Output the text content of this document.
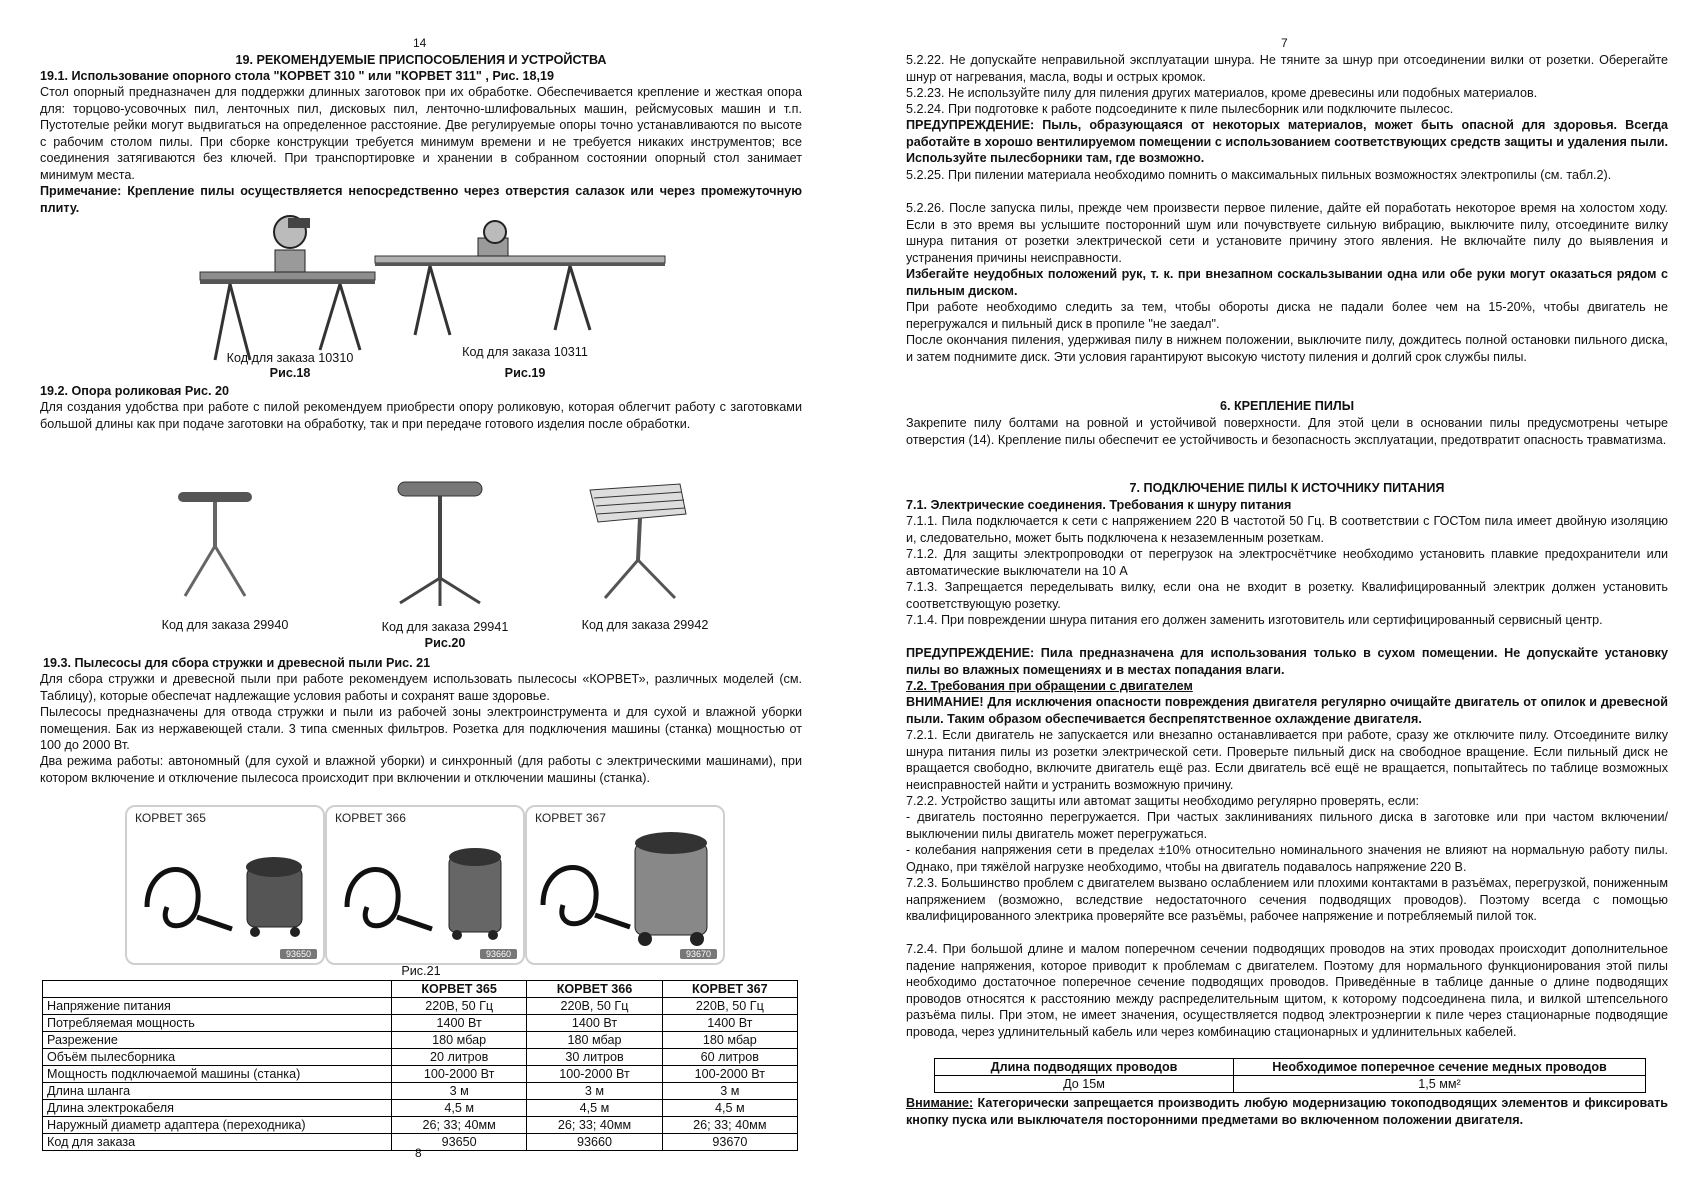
14
19. РЕКОМЕНДУЕМЫЕ ПРИСПОСОБЛЕНИЯ И УСТРОЙСТВА
19.1. Использование опорного стола "КОРВЕТ 310 " или "КОРВЕТ 311" , Рис. 18,19
Стол опорный предназначен для поддержки длинных заготовок при их обработке. Обеспечивается крепление и жесткая опора для: торцово-усовочных пил, ленточных пил, дисковых пил, ленточно-шлифовальных машин, рейсмусовых машин и т.п. Пустотелые рейки могут выдвигаться на определенное расстояние. Две регулируемые опоры точно устанавливаются по высоте с рабочим столом пилы. При сборке конструкции требуется минимум времени и не требуется никаких инструментов; все соединения затягиваются без ключей. При транспортировке и хранении в собранном состоянии опорный стол занимает минимум места.
Примечание: Крепление пилы осуществляется непосредственно через отверстия салазок или через промежуточную плиту.
Код для заказа 10310
Рис.18
Код для заказа 10311
Рис.19
19.2. Опора роликовая Рис. 20
Для создания удобства при работе с пилой рекомендуем приобрести опору роликовую, которая облегчит работу с заготовками большой длины как при подаче заготовки на обработку, так и при передаче готового изделия после обработки.
Код для заказа 29940	Код для заказа 29941	Код для заказа 29942
Рис.20
19.3. Пылесосы для сбора стружки и древесной пыли Рис. 21
Для сбора стружки и древесной пыли при работе рекомендуем использовать пылесосы «КОРВЕТ», различных моделей (см. Таблицу), которые обеспечат надлежащие условия работы и сохранят ваше здоровье.
Пылесосы предназначены для отвода стружки и пыли из рабочей зоны электроинструмента и для сухой и влажной уборки помещения. Бак из нержавеющей стали. 3 типа сменных фильтров. Розетка для подключения машины (станка) мощностью от 100 до 2000 Вт.
Два режима работы: автономный (для сухой и влажной уборки) и синхронный (для работы с электрическими машинами), при котором включение и отключение пылесоса происходит при включении и отключении машины (станка).
КОРВЕТ 365
93650
КОРВЕТ 366
93660
КОРВЕТ 367
93670
Рис.21
	КОРВЕТ 365	КОРВЕТ 366	КОРВЕТ 367
Напряжение питания	220В, 50 Гц	220В, 50 Гц	220В, 50 Гц
Потребляемая мощность	1400 Вт	1400 Вт	1400 Вт
Разрежение	180 мбар	180 мбар	180 мбар
Объём пылесборника	20 литров	30 литров	60 литров
Мощность подключаемой машины (станка)	100-2000 Вт	100-2000 Вт	100-2000 Вт
Длина шланга	3 м	3 м	3 м
Длина электрокабеля	4,5 м	4,5 м	4,5 м
Наружный диаметр адаптера (переходника)	26; 33; 40мм	26; 33; 40мм	26; 33; 40мм
Код для заказа	93650	93660	93670
8
7
5.2.22. Не допускайте неправильной эксплуатации шнура. Не тяните за шнур при отсоединении вилки от розетки. Оберегайте шнур от нагревания, масла, воды и острых кромок.
5.2.23. Не используйте пилу для пиления других материалов, кроме древесины или подобных материалов.
5.2.24. При подготовке к работе подсоедините к пиле пылесборник или подключите пылесос.
ПРЕДУПРЕЖДЕНИЕ: Пыль, образующаяся от некоторых материалов, может быть опасной для здоровья. Всегда работайте в хорошо вентилируемом помещении с использованием соответствующих средств защиты и удаления пыли. Используйте пылесборники там, где возможно.
5.2.25. При пилении материала необходимо помнить о максимальных пильных возможностях электропилы (см. табл.2).
5.2.26. После запуска пилы, прежде чем произвести первое пиление, дайте ей поработать некоторое время на холостом ходу. Если в это время вы услышите посторонний шум или почувствуете сильную вибрацию, выключите пилу, отсоедините вилку шнура питания от розетки электрической сети и установите причину этого явления. Не включайте пилу до выявления и устранения причины неисправности.
Избегайте неудобных положений рук, т. к. при внезапном соскальзывании одна или обе руки могут оказаться рядом с пильным диском.
При работе необходимо следить за тем, чтобы обороты диска не падали более чем на 15-20%, чтобы двигатель не перегружался и пильный диск в пропиле "не заедал".
После окончания пиления, удерживая пилу в нижнем положении, выключите пилу, дождитесь полной остановки пильного диска, и затем поднимите диск. Эти условия гарантируют высокую чистоту пиления и долгий срок службы пилы.
6. КРЕПЛЕНИЕ ПИЛЫ
Закрепите пилу болтами на ровной и устойчивой поверхности. Для этой цели в основании пилы предусмотрены четыре отверстия (14). Крепление пилы обеспечит ее устойчивость и безопасность эксплуатации, предотвратит опасность травматизма.
7. ПОДКЛЮЧЕНИЕ ПИЛЫ К ИСТОЧНИКУ ПИТАНИЯ
7.1. Электрические соединения. Требования к шнуру питания
7.1.1. Пила подключается к сети с напряжением 220 В частотой 50 Гц. В соответствии с ГОСТом пила имеет двойную изоляцию и, следовательно, может быть подключена к незаземленным розеткам.
7.1.2. Для защиты электропроводки от перегрузок на электросчётчике необходимо установить плавкие предохранители или автоматические выключатели на 10 А
7.1.3. Запрещается переделывать вилку, если она не входит в розетку. Квалифицированный электрик должен установить соответствующую розетку.
7.1.4. При повреждении шнура питания его должен заменить изготовитель или сертифицированный сервисный центр.
ПРЕДУПРЕЖДЕНИЕ: Пила предназначена для использования только в сухом помещении. Не допускайте установку пилы во влажных помещениях и в местах попадания влаги.
7.2. Требования при обращении с двигателем
ВНИМАНИЕ! Для исключения опасности повреждения двигателя регулярно очищайте двигатель от опилок и древесной пыли. Таким образом обеспечивается беспрепятственное охлаждение двигателя.
7.2.1. Если двигатель не запускается или внезапно останавливается при работе, сразу же отключите пилу. Отсоедините вилку шнура питания пилы из розетки электрической сети. Проверьте пильный диск на свободное вращение. Если пильный диск не вращается свободно, включите двигатель ещё раз. Если двигатель всё ещё не вращается, попытайтесь по таблице возможных неисправностей найти и устранить возможную причину.
7.2.2. Устройство защиты или автомат защиты необходимо регулярно проверять, если:
- двигатель постоянно перегружается. При частых заклиниваниях пильного диска в заготовке или при частом включении/выключении пилы двигатель может перегружаться.
- колебания напряжения сети в пределах ±10% относительно номинального значения не влияют на нормальную работу пилы. Однако, при тяжёлой нагрузке необходимо, чтобы на двигатель подавалось напряжение 220 В.
7.2.3. Большинство проблем с двигателем вызвано ослаблением или плохими контактами в разъёмах, перегрузкой, пониженным напряжением (возможно, вследствие недостаточного сечения подводящих проводов). Поэтому всегда с помощью квалифицированного электрика проверяйте все разъёмы, рабочее напряжение и потребляемый пилой ток.
7.2.4. При большой длине и малом поперечном сечении подводящих проводов на этих проводах происходит дополнительное падение напряжения, которое приводит к проблемам с двигателем. Поэтому для нормального функционирования этой пилы необходимо достаточное поперечное сечение подводящих проводов. Приведённые в таблице данные о длине подводящих проводов относятся к расстоянию между распределительным щитом, к которому подсоединена пила, и вилкой штепсельного разъёма пилы. При этом, не имеет значения, осуществляется подвод электроэнергии к пиле через стационарные подводящие провода, через удлинительный кабель или через комбинацию стационарных и удлинительных кабелей.
Длина подводящих проводов	Необходимое поперечное сечение медных проводов
До 15м	1,5 мм²
Внимание: Категорически запрещается производить любую модернизацию токоподводящих элементов и фиксировать кнопку пуска или выключателя посторонними предметами во включенном положении двигателя.
